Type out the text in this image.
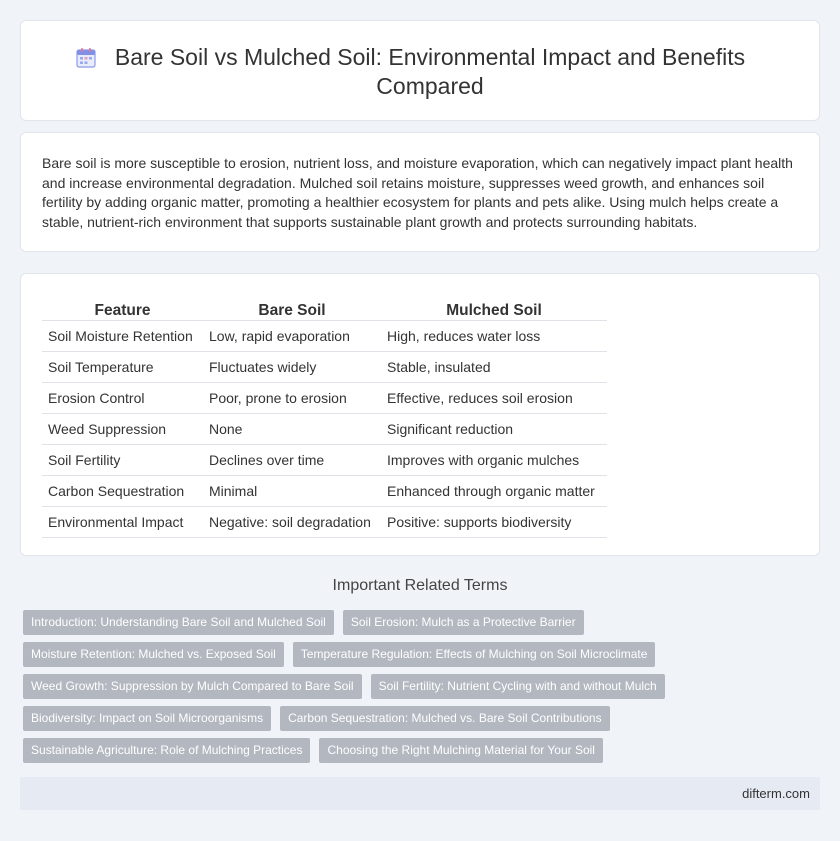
Bare Soil vs Mulched Soil: Environmental Impact and Benefits Compared

Bare soil is more susceptible to erosion, nutrient loss, and moisture evaporation, which can negatively impact plant health and increase environmental degradation. Mulched soil retains moisture, suppresses weed growth, and enhances soil fertility by adding organic matter, promoting a healthier ecosystem for plants and pets alike. Using mulch helps create a stable, nutrient-rich environment that supports sustainable plant growth and protects surrounding habitats.

Feature	Bare Soil	Mulched Soil
Soil Moisture Retention	Low, rapid evaporation	High, reduces water loss
Soil Temperature	Fluctuates widely	Stable, insulated
Erosion Control	Poor, prone to erosion	Effective, reduces soil erosion
Weed Suppression	None	Significant reduction
Soil Fertility	Declines over time	Improves with organic mulches
Carbon Sequestration	Minimal	Enhanced through organic matter
Environmental Impact	Negative: soil degradation	Positive: supports biodiversity
Important Related Terms
Introduction: Understanding Bare Soil and Mulched Soil	Soil Erosion: Mulch as a Protective Barrier
Moisture Retention: Mulched vs. Exposed Soil	Temperature Regulation: Effects of Mulching on Soil Microclimate
Weed Growth: Suppression by Mulch Compared to Bare Soil	Soil Fertility: Nutrient Cycling with and without Mulch
Biodiversity: Impact on Soil Microorganisms	Carbon Sequestration: Mulched vs. Bare Soil Contributions
Sustainable Agriculture: Role of Mulching Practices	Choosing the Right Mulching Material for Your Soil
difterm.com
